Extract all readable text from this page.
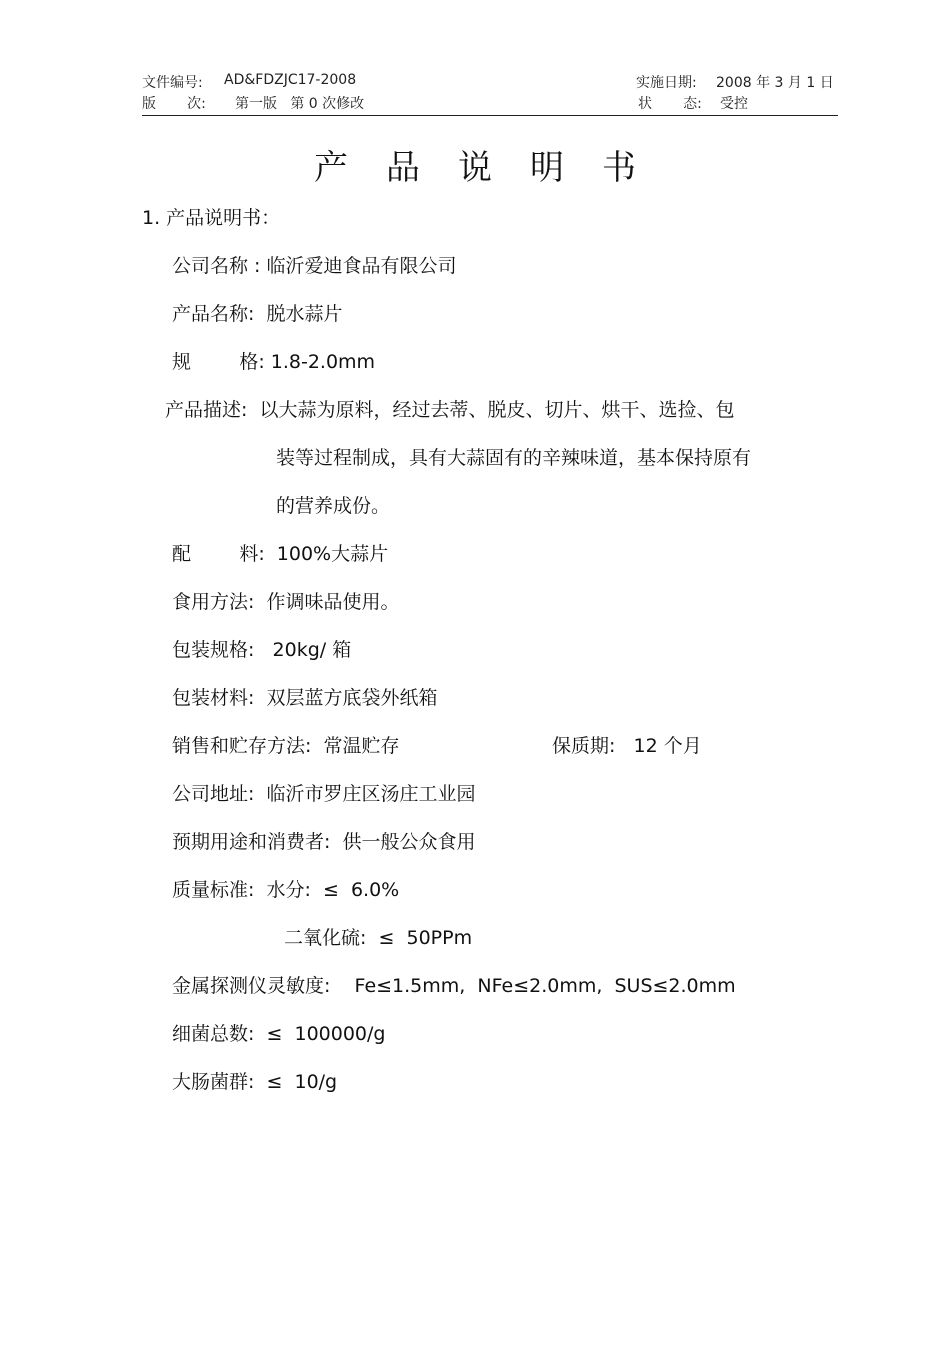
文件编号: AD&FDZJC17-2008	实施日期: 2008 年 3 月 1 日
版       次: 第一版   第 0 次修改	状       态: 受控
产品说明书
1. 产品说明书：
公司名称 : 临沂爱迪食品有限公司
产品名称:  脱水蒜片
规        格: 1.8-2.0mm
产品描述:  以大蒜为原料，经过去蒂、脱皮、切片、烘干、选捡、包
装等过程制成，具有大蒜固有的辛辣味道，基本保持原有
的营养成份。
配        料:  100%大蒜片
食用方法:  作调味品使用。
包装规格:   20kg/ 箱
包装材料:  双层蓝方底袋外纸箱
销售和贮存方法:  常温贮存	保质期:   12 个月
公司地址:  临沂市罗庄区汤庄工业园
预期用途和消费者:  供一般公众食用
质量标准:  水分:  ≤  6.0%
二氧化硫:  ≤  50PPm
金属探测仪灵敏度:    Fe≤1.5mm,  NFe≤2.0mm,  SUS≤2.0mm
细菌总数:  ≤  100000/g
大肠菌群:  ≤  10/g
